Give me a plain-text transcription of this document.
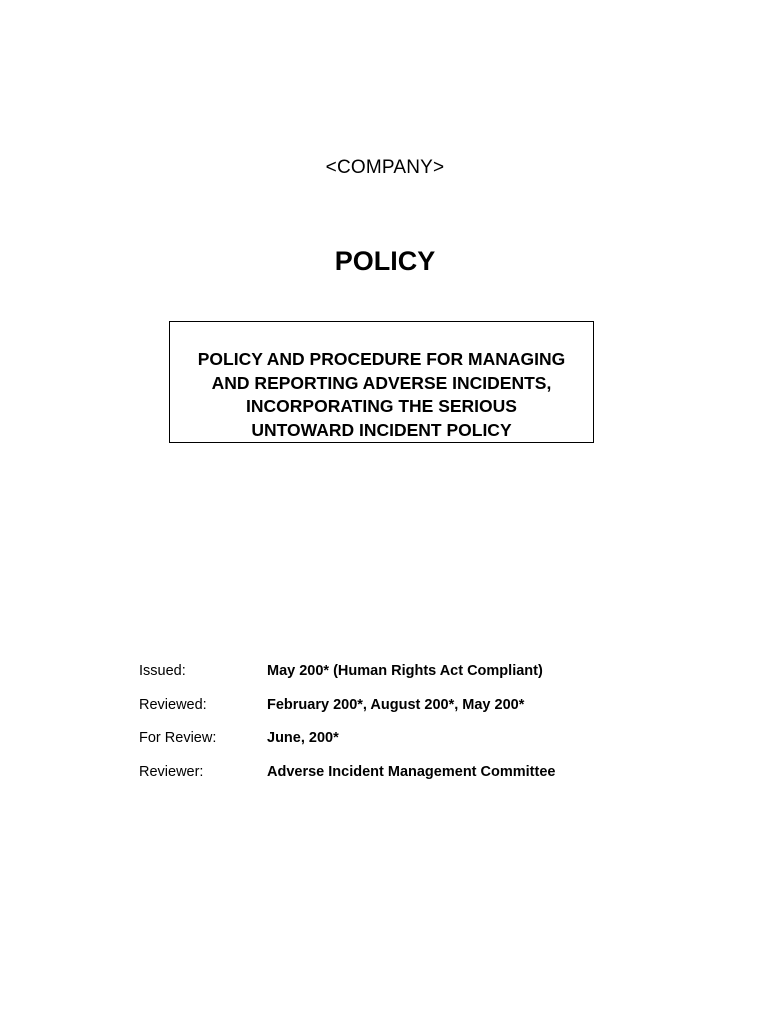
<COMPANY>
POLICY
POLICY AND PROCEDURE FOR MANAGING
AND REPORTING ADVERSE INCIDENTS,
INCORPORATING THE SERIOUS
UNTOWARD INCIDENT POLICY
Issued:	May 200* (Human Rights Act Compliant)
Reviewed:	February 200*, August 200*, May 200*
For Review:	June, 200*
Reviewer:	Adverse Incident Management Committee
